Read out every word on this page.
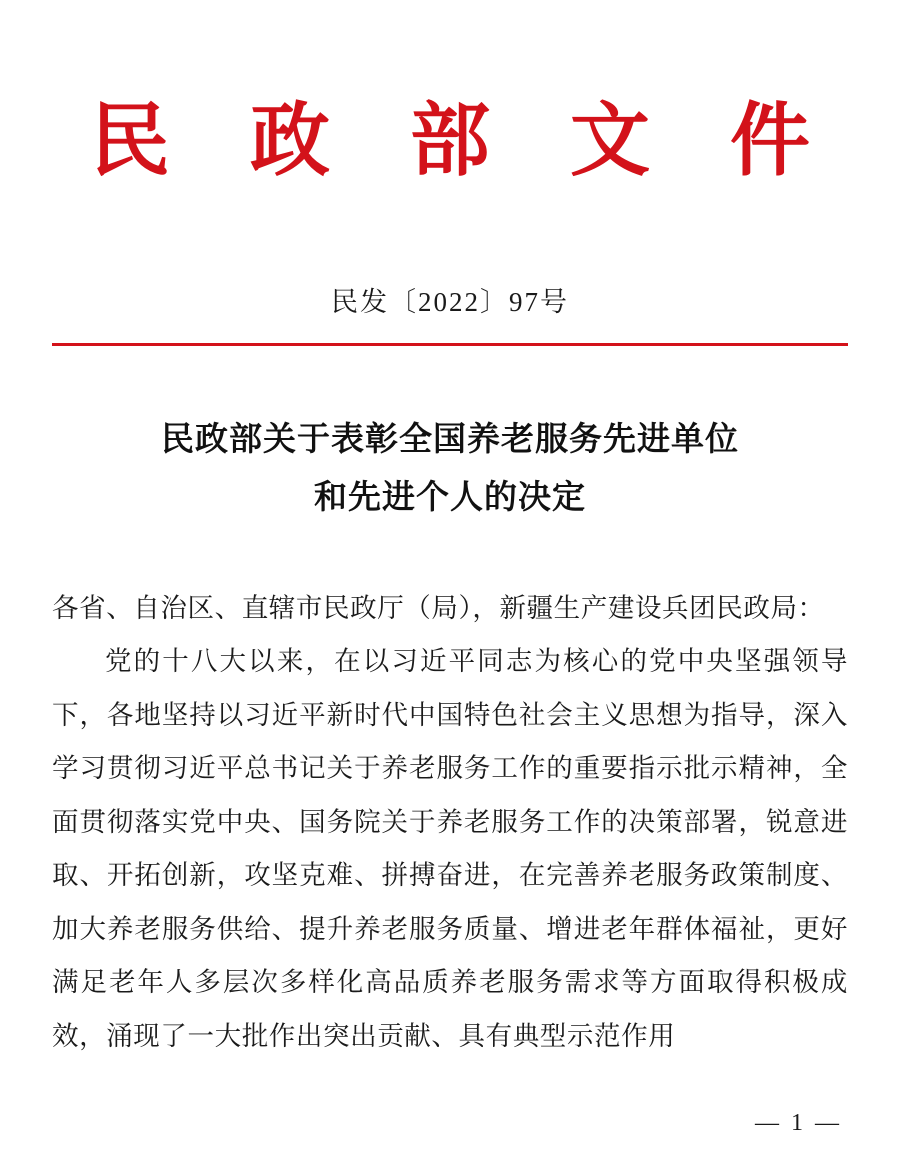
民 政 部 文 件
民发〔2022〕97号
民政部关于表彰全国养老服务先进单位
和先进个人的决定

各省、自治区、直辖市民政厅（局），新疆生产建设兵团民政局：

党的十八大以来，在以习近平同志为核心的党中央坚强领导下，各地坚持以习近平新时代中国特色社会主义思想为指导，深入学习贯彻习近平总书记关于养老服务工作的重要指示批示精神，全面贯彻落实党中央、国务院关于养老服务工作的决策部署，锐意进取、开拓创新，攻坚克难、拼搏奋进，在完善养老服务政策制度、加大养老服务供给、提升养老服务质量、增进老年群体福祉，更好满足老年人多层次多样化高品质养老服务需求等方面取得积极成效，涌现了一大批作出突出贡献、具有典型示范作用

— 1 —
